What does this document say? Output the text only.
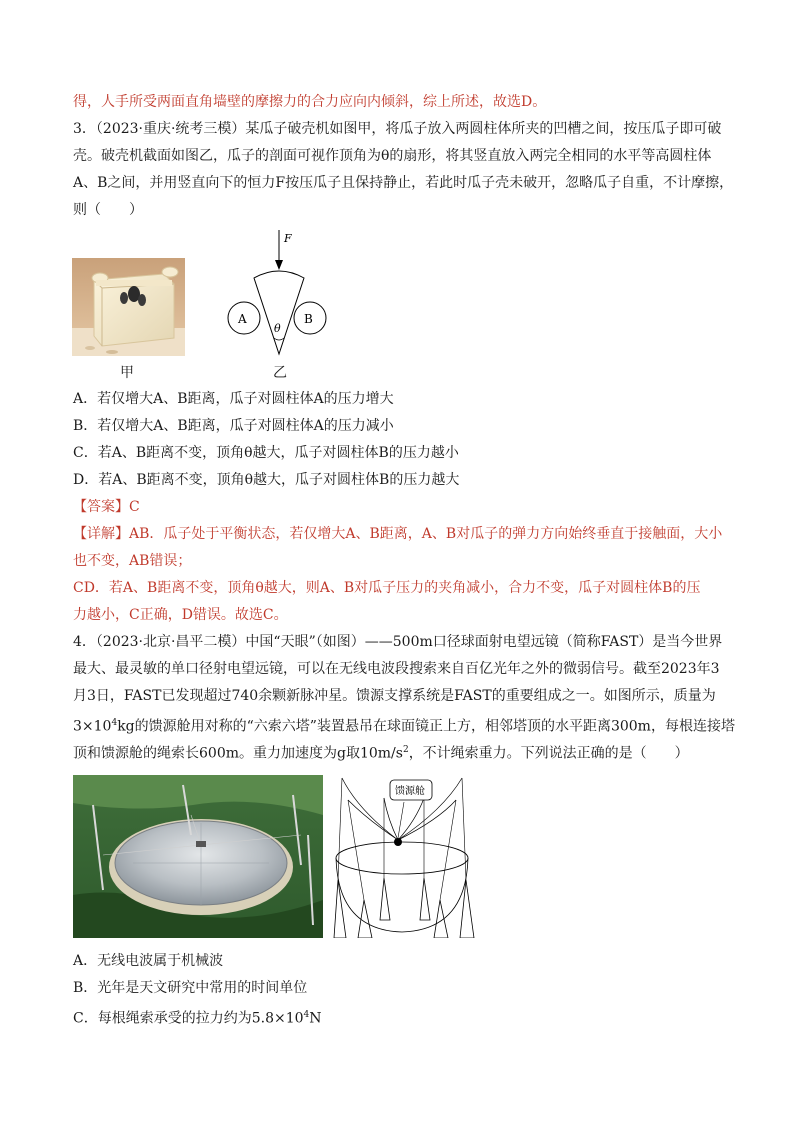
得，人手所受两面直角墙壁的摩擦力的合力应向内倾斜，综上所述，故选D。
3．（2023·重庆·统考三模）某瓜子破壳机如图甲，将瓜子放入两圆柱体所夹的凹槽之间，按压瓜子即可破
壳。破壳机截面如图乙，瓜子的剖面可视作顶角为θ的扇形，将其竖直放入两完全相同的水平等高圆柱体
A、B之间，并用竖直向下的恒力F按压瓜子且保持静止，若此时瓜子壳未破开，忽略瓜子自重，不计摩擦，
则（　　）
甲
F
A	B
θ
乙
A．若仅增大A、B距离，瓜子对圆柱体A的压力增大
B．若仅增大A、B距离，瓜子对圆柱体A的压力减小
C．若A、B距离不变，顶角θ越大，瓜子对圆柱体B的压力越小
D．若A、B距离不变，顶角θ越大，瓜子对圆柱体B的压力越大
【答案】C
【详解】AB．瓜子处于平衡状态，若仅增大A、B距离，A、B对瓜子的弹力方向始终垂直于接触面，大小
也不变，AB错误；
CD．若A、B距离不变，顶角θ越大，则A、B对瓜子压力的夹角减小，合力不变，瓜子对圆柱体B的压
力越小，C正确，D错误。故选C。
4．（2023·北京·昌平二模）中国“天眼”（如图）——500m口径球面射电望远镜（简称FAST）是当今世界
最大、最灵敏的单口径射电望远镜，可以在无线电波段搜索来自百亿光年之外的微弱信号。截至2023年3
月3日，FAST已发现超过740余颗新脉冲星。馈源支撑系统是FAST的重要组成之一。如图所示，质量为
$3\times 10^4kg$的馈源舱用对称的“六索六塔”装置悬吊在球面镜正上方，相邻塔顶的水平距离300m，每根连接塔
顶和馈源舱的绳索长600m。重力加速度为g取$10m/s^2$，不计绳索重力。下列说法正确的是（　　）
馈源舱
A．无线电波属于机械波
B．光年是天文研究中常用的时间单位
C．每根绳索承受的拉力约为$5.8\times 10^4N$
